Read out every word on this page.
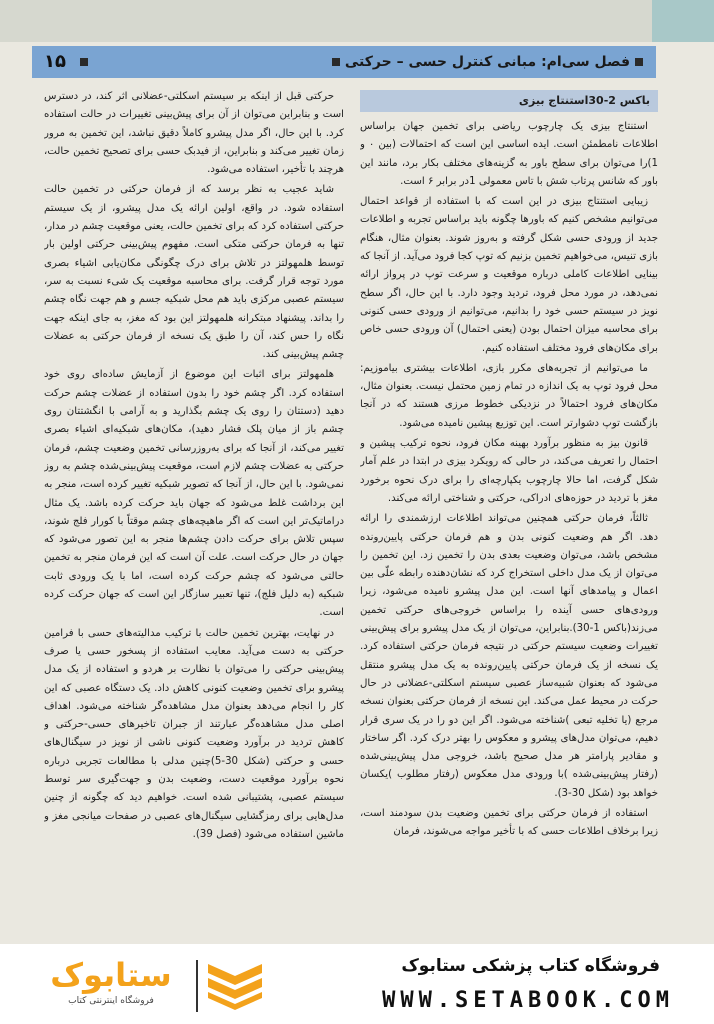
فصل سی‌ام: مبانی کنترل حسی – حرکتی
۱۵
باکس 2-30استنتاج بیزی

استنتاج بیزی یک چارچوب ریاضی برای تخمین جهان براساس اطلاعات نامطمئن است. ایده اساسی این است که احتمالات (بین ۰ و 1)را می‌توان برای سطح باور به گزینه‌های مختلف بکار برد، مانند این باور که شانس پرتاب شش با تاس معمولی 1در برابر ۶ است.

زیبایی استنتاج بیزی در این است که با استفاده از قواعد احتمال می‌توانیم مشخص کنیم که باورها چگونه باید براساس تجربه و اطلاعات جدید از ورودی حسی شکل گرفته و به‌روز شوند. بعنوان مثال، هنگام بازی تنیس، می‌خواهیم تخمین بزنیم که توپ کجا فرود می‌آید. از آنجا که بینایی اطلاعات کاملی درباره موقعیت و سرعت توپ در پرواز ارائه نمی‌دهد، در مورد محل فرود، تردید وجود دارد. با این حال، اگر سطح نویز در سیستم حسی خود را بدانیم، می‌توانیم از ورودی حسی کنونی برای محاسبه میزان احتمال بودن (یعنی احتمال) آن ورودی حسی خاص برای مکان‌های فرود مختلف استفاده کنیم.

ما می‌توانیم از تجربه‌های مکرر بازی، اطلاعات بیشتری بیاموزیم: محل فرود توپ به یک اندازه در تمام زمین محتمل نیست. بعنوان مثال، مکان‌های فرود احتمالاً در نزدیکی خطوط مرزی هستند که در آنجا بازگشت توپ دشوارتر است. این توزیع پیشین نامیده می‌شود.

قانون بیز به منظور برآورد بهینه مکان فرود، نحوه ترکیب پیشین و احتمال را تعریف می‌کند، در حالی که رویکرد بیزی در ابتدا در علم آمار شکل گرفت، اما حالا چارچوب یکپارچه‌ای را برای درک نحوه برخورد مغز با تردید در حوزه‌های ادراکی، حرکتی و شناختی ارائه می‌کند.

ثالثاً، فرمان حرکتی همچنین می‌تواند اطلاعات ارزشمندی را ارائه دهد. اگر هم وضعیت کنونی بدن و هم فرمان حرکتی پایین‌رونده مشخص باشد، می‌توان وضعیت بعدی بدن را تخمین زد. این تخمین را می‌توان از یک مدل داخلی استخراج کرد که نشان‌دهنده رابطه علّی بین اعمال و پیامدهای آنها است. این مدل پیشرو نامیده می‌شود، زیرا ورودی‌های حسی آینده را براساس خروجی‌های حرکتی تخمین می‌زند(باکس 1-30).بنابراین، می‌توان از یک مدل پیشرو برای پیش‌بینی تغییرات وضعیت سیستم حرکتی در نتیجه فرمان حرکتی استفاده کرد. یک نسخه از یک فرمان حرکتی پایین‌رونده به یک مدل پیشرو منتقل می‌شود که بعنوان شبیه‌ساز عصبی سیستم اسکلتی-عضلانی در حال حرکت در محیط عمل می‌کند. این نسخه از فرمان حرکتی بعنوان نسخه مرجع (یا تخلیه تبعی )شناخته می‌شود. اگر این دو را در یک سری قرار دهیم، می‌توان مدل‌های پیشرو و معکوس را بهتر درک کرد. اگر ساختار و مقادیر پارامتر هر مدل صحیح باشد، خروجی مدل پیش‌بینی‌شده (رفتار پیش‌بینی‌شده )با ورودی مدل معکوس (رفتار مطلوب )یکسان خواهد بود (شکل 30-3).

استفاده از فرمان حرکتی برای تخمین وضعیت بدن سودمند است، زیرا برخلاف اطلاعات حسی که با تأخیر مواجه می‌شوند، فرمان

حرکتی قبل از اینکه بر سیستم اسکلتی-عضلانی اثر کند، در دسترس است و بنابراین می‌توان از آن برای پیش‌بینی تغییرات در حالت استفاده کرد. با این حال، اگر مدل پیشرو کاملاً دقیق نباشد، این تخمین به مرور زمان تغییر می‌کند و بنابراین، از فیدبک حسی برای تصحیح تخمین حالت، هرچند با تأخیر، استفاده می‌شود.

شاید عجیب به نظر برسد که از فرمان حرکتی در تخمین حالت استفاده شود. در واقع، اولین ارائه یک مدل پیشرو، از یک سیستم حرکتی استفاده کرد که برای تخمین حالت، یعنی موقعیت چشم در مدار، تنها به فرمان حرکتی متکی است. مفهوم پیش‌بینی حرکتی اولین بار توسط هلمهولتز در تلاش برای درک چگونگی مکان‌یابی اشیاء بصری مورد توجه قرار گرفت. برای محاسبه موقعیت یک شیء نسبت به سر، سیستم عصبی مرکزی باید هم محل شبکیه جسم و هم جهت نگاه چشم را بداند. پیشنهاد مبتکرانه هلمهولتز این بود که مغز، به جای اینکه جهت نگاه را حس کند، آن را طبق یک نسخه از فرمان حرکتی به عضلات چشم پیش‌بینی کند.

هلمهولتز برای اثبات این موضوع از آزمایش ساده‌ای روی خود استفاده کرد. اگر چشم خود را بدون استفاده از عضلات چشم حرکت دهید (دستتان را روی یک چشم بگذارید و به آرامی با انگشتتان روی چشم باز از میان پلک فشار دهید)، مکان‌های شبکیه‌ای اشیاء بصری تغییر می‌کند، از آنجا که برای به‌روزرسانی تخمین وضعیت چشم، فرمان حرکتی به عضلات چشم لازم است، موقعیت پیش‌بینی‌شده چشم به روز نمی‌شود. با این حال، از آنجا که تصویر شبکیه تغییر کرده است، منجر به این برداشت غلط می‌شود که جهان باید حرکت کرده باشد. یک مثال دراماتیک‌تر این است که اگر ماهیچه‌های چشم موقتاً با کورار فلج شوند، سپس تلاش برای حرکت دادن چشم‌ها منجر به این تصور می‌شود که جهان در حال حرکت است. علت آن است که این فرمان منجر به تخمین حالتی می‌شود که چشم حرکت کرده است، اما با یک ورودی ثابت شبکیه (به دلیل فلج)، تنها تعبیر سازگار این است که جهان حرکت کرده است.

در نهایت، بهترین تخمین حالت با ترکیب مدالیته‌های حسی با فرامین حرکتی به دست می‌آید. معایب استفاده از پسخور حسی یا صرف پیش‌بینی حرکتی را می‌توان با نظارت بر هردو و استفاده از یک مدل پیشرو برای تخمین وضعیت کنونی کاهش داد. یک دستگاه عصبی که این کار را انجام می‌دهد بعنوان مدل مشاهده‌گر شناخته می‌شود. اهداف اصلی مدل مشاهده‌گر عبارتند از جبران تاخیرهای حسی-حرکتی و کاهش تردید در برآورد وضعیت کنونی ناشی از نویز در سیگنال‌های حسی و حرکتی (شکل 30-5)چنین مدلی با مطالعات تجربی درباره نحوه برآورد موقعیت دست، وضعیت بدن و جهت‌گیری سر توسط سیستم عصبی، پشتیبانی شده است. خواهیم دید که چگونه از چنین مدل‌هایی برای رمزگشایی سیگنال‌های عصبی در صفحات میانجی مغز و ماشین استفاده می‌شود (فصل 39).

فروشگاه کتاب پزشکی ستابوک
WWW.SETABOOK.COM
ستابوک
فروشگاه اینترنتی کتاب
